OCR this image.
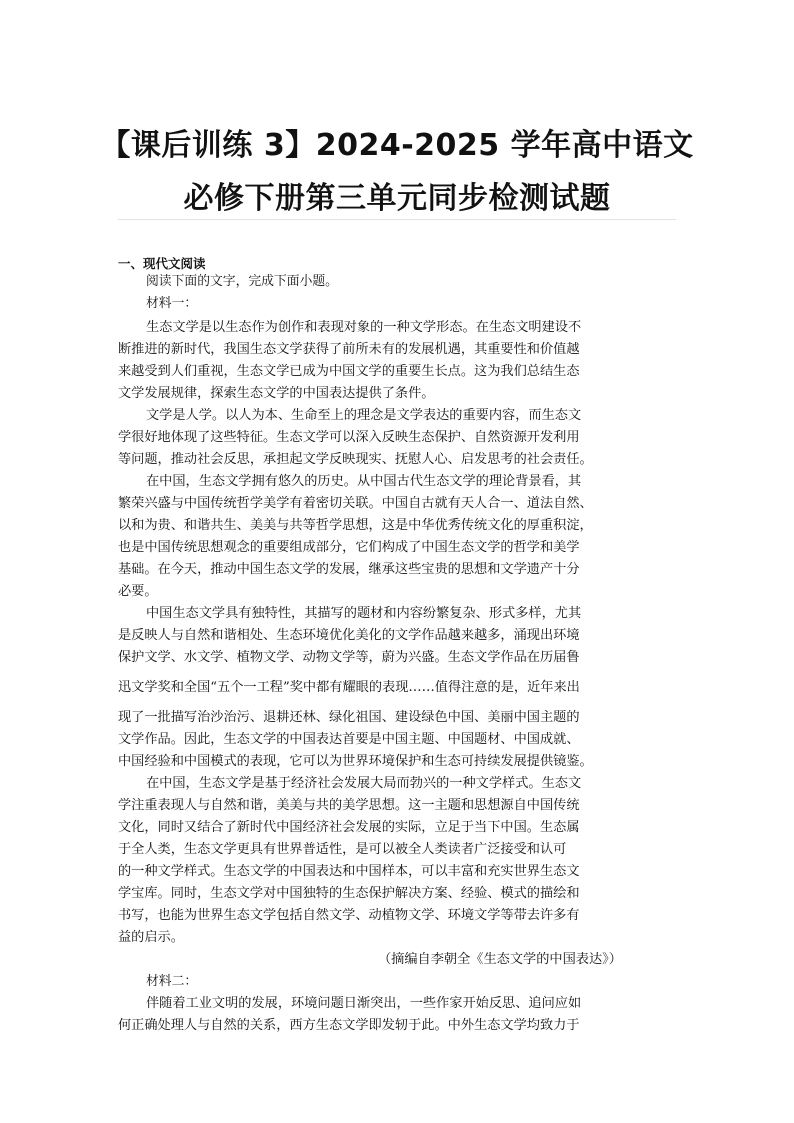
【课后训练 3】2024-2025 学年高中语文
必修下册第三单元同步检测试题
一、现代文阅读
阅读下面的文字，完成下面小题。
材料一：
生态文学是以生态作为创作和表现对象的一种文学形态。在生态文明建设不
断推进的新时代，我国生态文学获得了前所未有的发展机遇，其重要性和价值越
来越受到人们重视，生态文学已成为中国文学的重要生长点。这为我们总结生态
文学发展规律，探索生态文学的中国表达提供了条件。
文学是人学。以人为本、生命至上的理念是文学表达的重要内容，而生态文
学很好地体现了这些特征。生态文学可以深入反映生态保护、自然资源开发利用
等问题，推动社会反思，承担起文学反映现实、抚慰人心、启发思考的社会责任。
在中国，生态文学拥有悠久的历史。从中国古代生态文学的理论背景看，其
繁荣兴盛与中国传统哲学美学有着密切关联。中国自古就有天人合一、道法自然、
以和为贵、和谐共生、美美与共等哲学思想，这是中华优秀传统文化的厚重积淀，
也是中国传统思想观念的重要组成部分，它们构成了中国生态文学的哲学和美学
基础。在今天，推动中国生态文学的发展，继承这些宝贵的思想和文学遗产十分
必要。
中国生态文学具有独特性，其描写的题材和内容纷繁复杂、形式多样，尤其
是反映人与自然和谐相处、生态环境优化美化的文学作品越来越多，涌现出环境
保护文学、水文学、植物文学、动物文学等，蔚为兴盛。生态文学作品在历届鲁
迅文学奖和全国“五个一工程”奖中都有耀眼的表现……值得注意的是，近年来出
现了一批描写治沙治污、退耕还林、绿化祖国、建设绿色中国、美丽中国主题的
文学作品。因此，生态文学的中国表达首要是中国主题、中国题材、中国成就、
中国经验和中国模式的表现，它可以为世界环境保护和生态可持续发展提供镜鉴。
在中国，生态文学是基于经济社会发展大局而勃兴的一种文学样式。生态文
学注重表现人与自然和谐，美美与共的美学思想。这一主题和思想源自中国传统
文化，同时又结合了新时代中国经济社会发展的实际，立足于当下中国。生态属
于全人类，生态文学更具有世界普适性，是可以被全人类读者广泛接受和认可
的一种文学样式。生态文学的中国表达和中国样本，可以丰富和充实世界生态文
学宝库。同时，生态文学对中国独特的生态保护解决方案、经验、模式的描绘和
书写，也能为世界生态文学包括自然文学、动植物文学、环境文学等带去许多有
益的启示。
（摘编自李朝全《生态文学的中国表达》）
材料二：
伴随着工业文明的发展，环境问题日渐突出，一些作家开始反思、追问应如
何正确处理人与自然的关系，西方生态文学即发轫于此。中外生态文学均致力于
